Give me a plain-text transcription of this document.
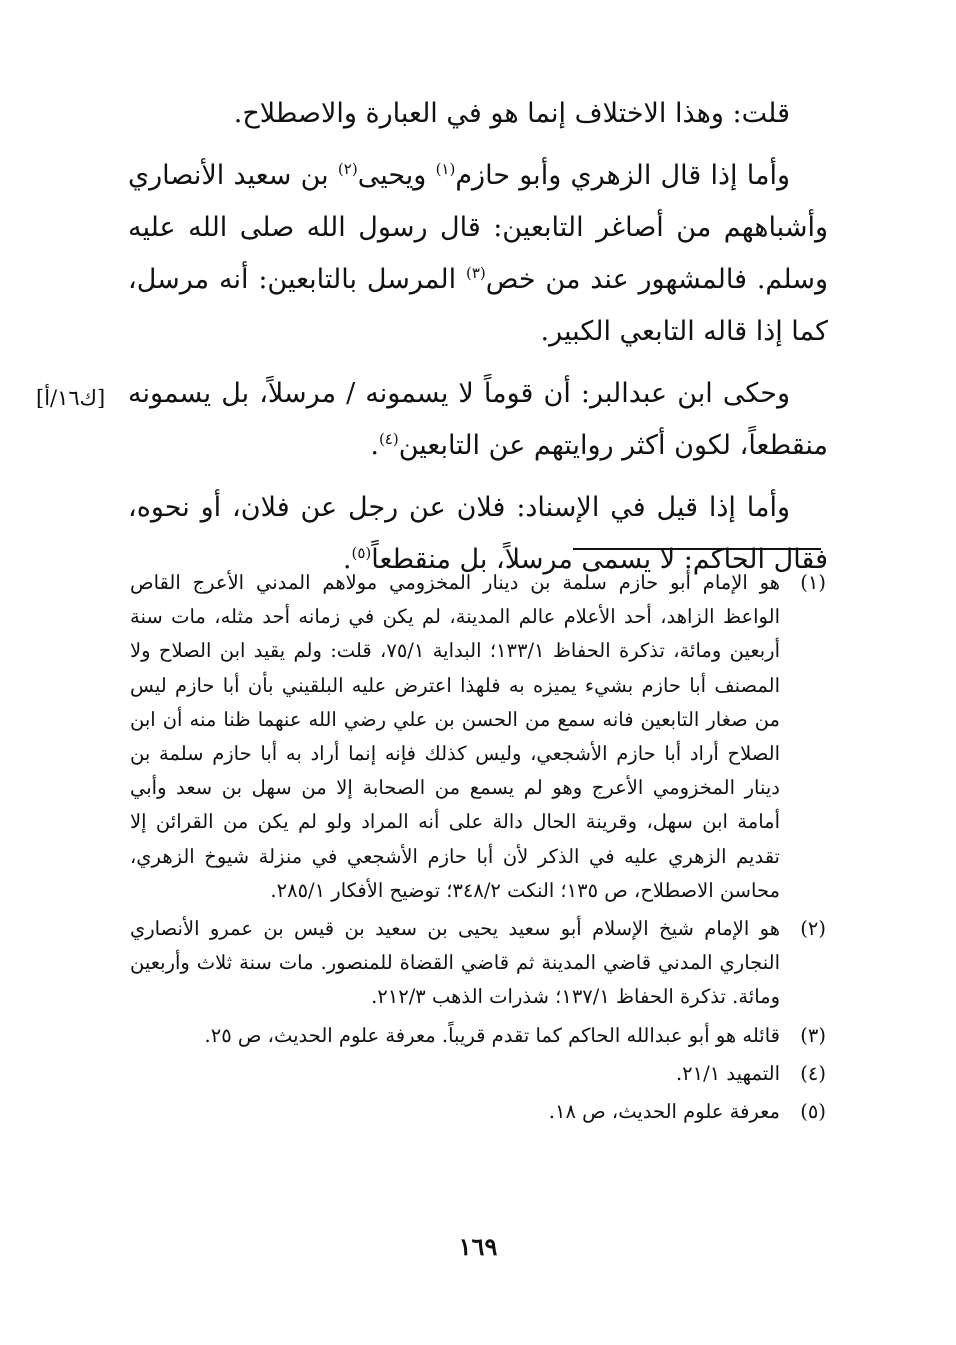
قلت: وهذا الاختلاف إنما هو في العبارة والاصطلاح.

وأما إذا قال الزهري وأبو حازم$^{(١)}$ ويحيى$^{(٢)}$ بن سعيد الأنصاري وأشباههم من أصاغر التابعين: قال رسول الله صلى الله عليه وسلم. فالمشهور عند من خص$^{(٣)}$ المرسل بالتابعين: أنه مرسل، كما إذا قاله التابعي الكبير.

[ك١٦/أ] وحكى ابن عبدالبر: أن قوماً لا يسمونه / مرسلاً، بل يسمونه منقطعاً، لكون أكثر روايتهم عن التابعين$^{(٤)}$.

وأما إذا قيل في الإسناد: فلان عن رجل عن فلان، أو نحوه، فقال الحاكم: لا يسمى مرسلاً، بل منقطعاً$^{(٥)}$.

(١)
هو الإمام أبو حازم سلمة بن دينار المخزومي مولاهم المدني الأعرج القاص الواعظ الزاهد، أحد الأعلام عالم المدينة، لم يكن في زمانه أحد مثله، مات سنة أربعين ومائة، تذكرة الحفاظ ١٣٣/١؛ البداية ٧٥/١، قلت: ولم يقيد ابن الصلاح ولا المصنف أبا حازم بشيء يميزه به فلهذا اعترض عليه البلقيني بأن أبا حازم ليس من صغار التابعين فانه سمع من الحسن بن علي رضي الله عنهما ظنا منه أن ابن الصلاح أراد أبا حازم الأشجعي، وليس كذلك فإنه إنما أراد به أبا حازم سلمة بن دينار المخزومي الأعرج وهو لم يسمع من الصحابة إلا من سهل بن سعد وأبي أمامة ابن سهل، وقرينة الحال دالة على أنه المراد ولو لم يكن من القرائن إلا تقديم الزهري عليه في الذكر لأن أبا حازم الأشجعي في منزلة شيوخ الزهري، محاسن الاصطلاح، ص ١٣٥؛ النكت ٣٤٨/٢؛ توضيح الأفكار ٢٨٥/١.
(٢)
هو الإمام شيخ الإسلام أبو سعيد يحيى بن سعيد بن قيس بن عمرو الأنصاري النجاري المدني قاضي المدينة ثم قاضي القضاة للمنصور. مات سنة ثلاث وأربعين ومائة. تذكرة الحفاظ ١٣٧/١؛ شذرات الذهب ٢١٢/٣.
(٣)
قائله هو أبو عبدالله الحاكم كما تقدم قريباً. معرفة علوم الحديث، ص ٢٥.
(٤)
التمهيد ٢١/١.
(٥)
معرفة علوم الحديث، ص ١٨.
١٦٩
